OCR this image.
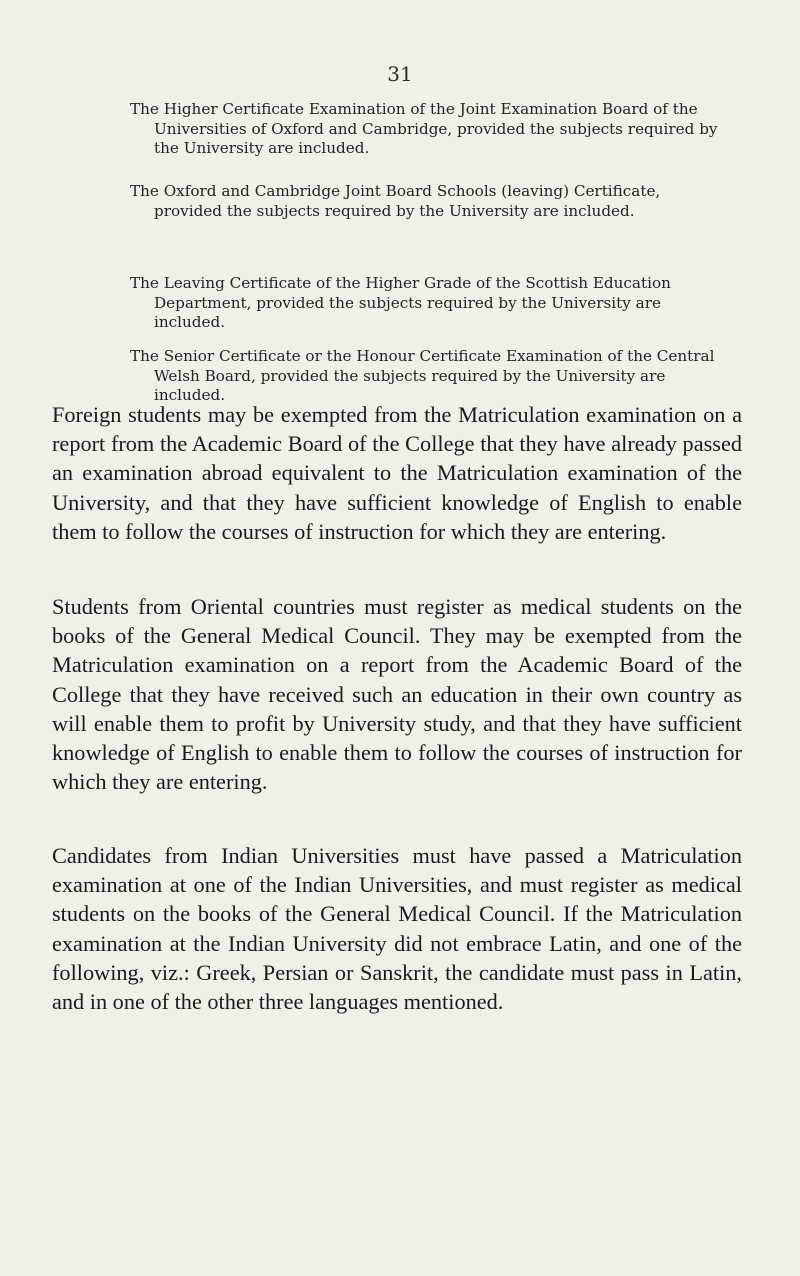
31

The Higher Certificate Examination of the Joint Examination Board of the Universities of Oxford and Cambridge, provided the subjects required by the University are included.

The Oxford and Cambridge Joint Board Schools (leaving) Certificate, provided the subjects required by the University are included.

The Leaving Certificate of the Higher Grade of the Scottish Education Department, provided the subjects required by the University are included.

The Senior Certificate or the Honour Certificate Examination of the Central Welsh Board, provided the subjects required by the University are included.

Foreign students may be exempted from the Matriculation examination on a report from the Academic Board of the College that they have already passed an examination abroad equivalent to the Matriculation examination of the University, and that they have sufficient knowledge of English to enable them to follow the courses of instruction for which they are entering.

Students from Oriental countries must register as medical students on the books of the General Medical Council. They may be exempted from the Matriculation examination on a report from the Academic Board of the College that they have received such an education in their own country as will enable them to profit by University study, and that they have sufficient knowledge of English to enable them to follow the courses of instruction for which they are entering.

Candidates from Indian Universities must have passed a Matriculation examination at one of the Indian Universities, and must register as medical students on the books of the General Medical Council. If the Matriculation examination at the Indian University did not embrace Latin, and one of the following, viz.: Greek, Persian or Sanskrit, the candidate must pass in Latin, and in one of the other three languages mentioned.
